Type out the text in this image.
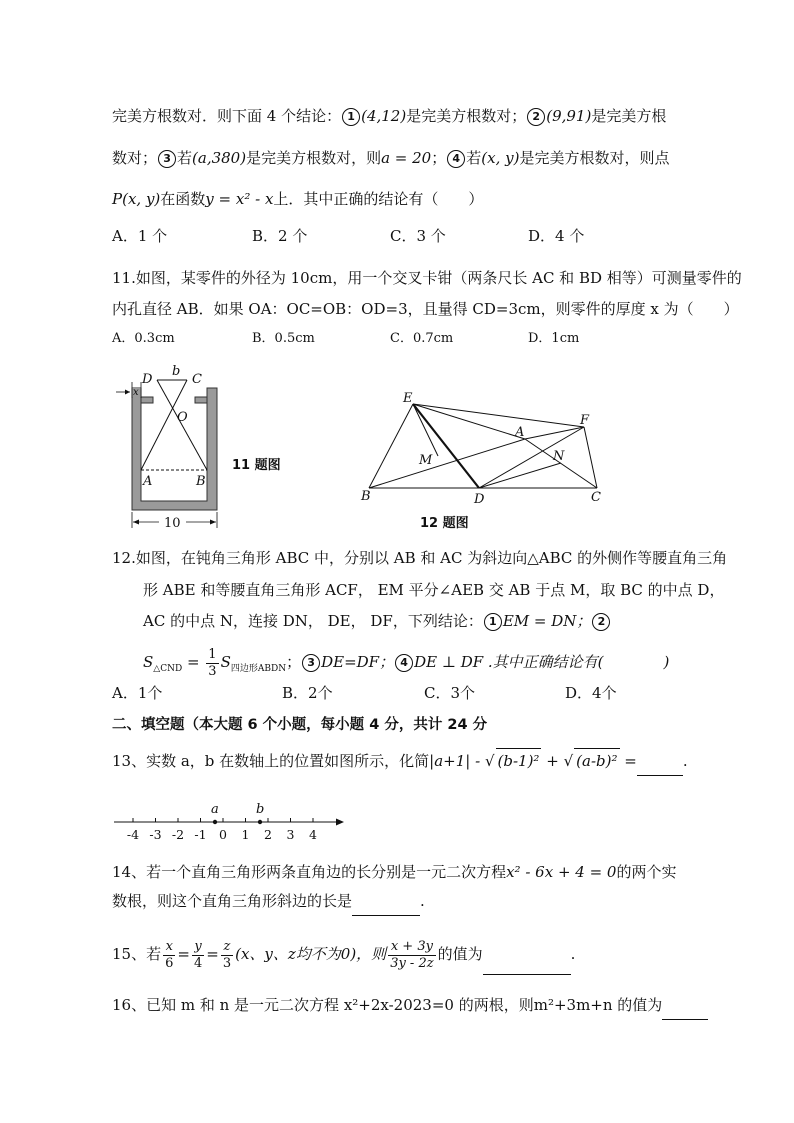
完美方根数对．则下面 4 个结论： 1 (4,12)是完美方根数对； 2 (9,91)是完美方根
数对； 3 若(a,380)是完美方根数对，则a = 20； 4 若(x, y)是完美方根数对，则点
P(x, y)在函数y = x² - x上．其中正确的结论有（　　）
A．1 个	B．2 个	C．3 个	D．4 个
11.如图，某零件的外径为 10cm，用一个交叉卡钳（两条尺长 AC 和 BD 相等）可测量零件的
内孔直径 AB．如果 OA：OC=OB：OD=3，且量得 CD=3cm，则零件的厚度 x 为（　　）
A．0.3cm	B．0.5cm	C．0.7cm	D．1cm
D
b
C
x
O
A	B
10
11 题图
E
A
F
M	N
B	D	C
12 题图
12.如图，在钝角三角形 ABC 中，分别以 AB 和 AC 为斜边向△ABC 的外侧作等腰直角三角
形 ABE 和等腰直角三角形 ACF， EM 平分∠AEB 交 AB 于点 M，取 BC 的中点 D，
AC 的中点 N，连接 DN， DE， DF，下列结论： 1 EM = DN； 2
$S_{\triangle CND} = \frac{1}{3} S_{四边形ABDN}$； 3 DE=DF； 4 DE ⊥ DF .其中正确结论有(　　　　)
A．1个	B．2个	C．3个	D．4个
二、填空题（本大题 6 个小题，每小题 4 分，共计 24 分
13、实数 a，b 在数轴上的位置如图所示，化简|a+1| - √ (b-1)² + √ (a-b)² =	.
-4 -3 -2 -1 0 1 2 3 4
a	b
14、若一个直角三角形两条直角边的长分别是一元二次方程x² - 6x + 4 = 0的两个实
数根，则这个直角三角形斜边的长是	.
15、若 $\frac{x}{6} = \frac{y}{4} = \frac{z}{3} (x$、y、z均不为0)，则 $\frac{x + 3y}{3y - 2z}$ 的值为	.
16、已知 m 和 n 是一元二次方程 x²+2x-2023=0 的两根，则m²+3m+n 的值为
